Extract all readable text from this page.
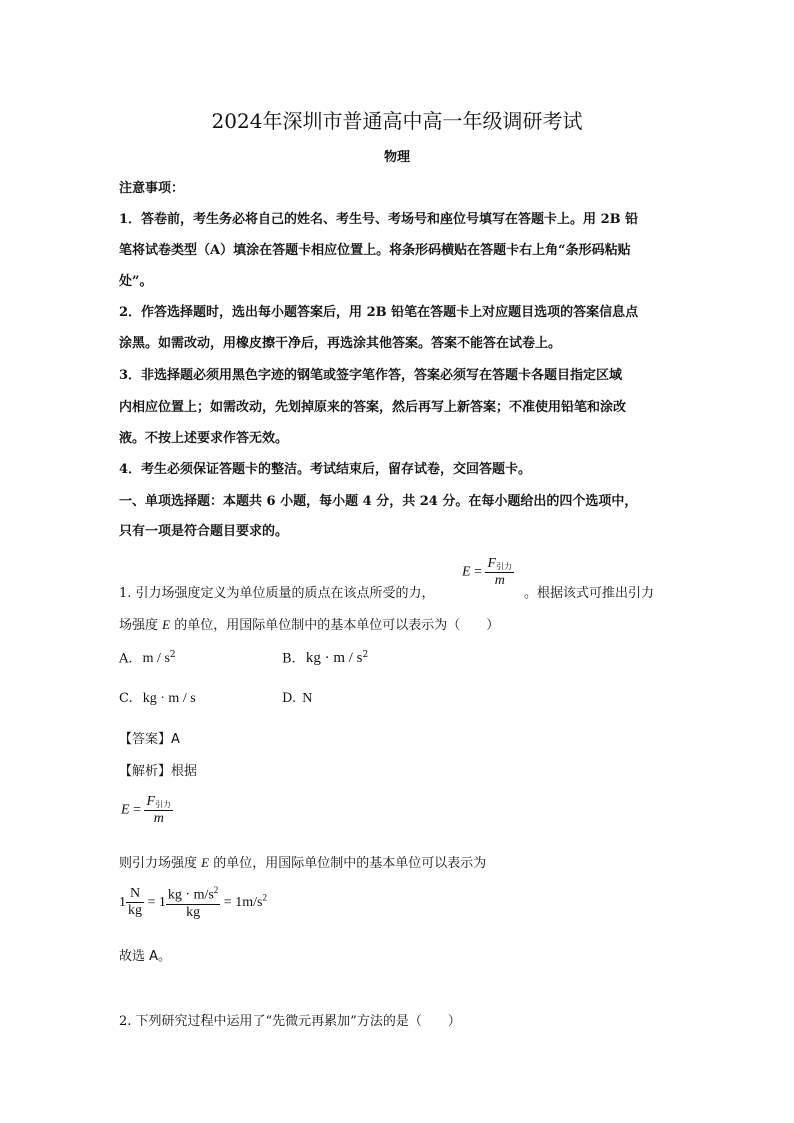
2024年深圳市普通高中高一年级调研考试
物理
注意事项：
1．答卷前，考生务必将自己的姓名、考生号、考场号和座位号填写在答题卡上。用 2B 铅
笔将试卷类型（A）填涂在答题卡相应位置上。将条形码横贴在答题卡右上角“条形码粘贴
处”。
2．作答选择题时，选出每小题答案后，用 2B 铅笔在答题卡上对应题目选项的答案信息点
涂黑。如需改动，用橡皮擦干净后，再选涂其他答案。答案不能答在试卷上。
3．非选择题必须用黑色字迹的钢笔或签字笔作答，答案必须写在答题卡各题目指定区域
内相应位置上；如需改动，先划掉原来的答案，然后再写上新答案；不准使用铅笔和涂改
液。不按上述要求作答无效。
4．考生必须保证答题卡的整洁。考试结束后，留存试卷，交回答题卡。
一、单项选择题：本题共 6 小题，每小题 4 分，共 24 分。在每小题给出的四个选项中，
只有一项是符合题目要求的。
1. 引力场强度定义为单位质量的质点在该点所受的力，
$E = \frac{F_{引力}}{m}$
。根据该式可推出引力
场强度 E 的单位，用国际单位制中的基本单位可以表示为（　　）
A. m / $s^2$	B. kg · m / $s^2$
C. kg · m / s	D. N
【答案】A
【解析】根据
$E = \frac{F_{引力}}{m}$
则引力场强度 E 的单位，用国际单位制中的基本单位可以表示为
$1 \frac{N}{kg} = 1 \frac{kg \cdot m/s^2}{kg} = 1m/s^2$
故选 A。
2. 下列研究过程中运用了“先微元再累加”方法的是（　　）
